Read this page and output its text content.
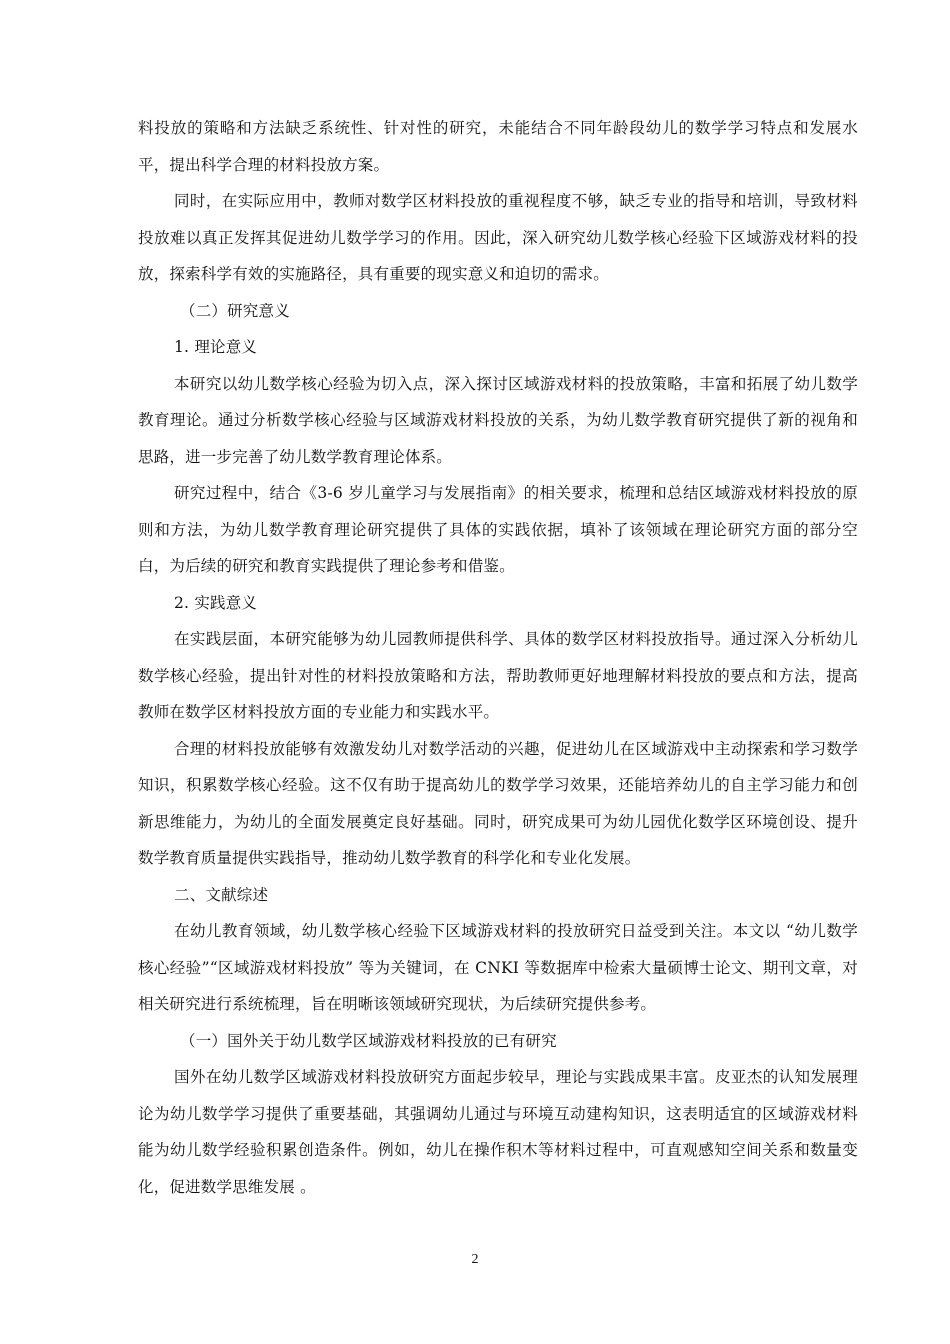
料投放的策略和方法缺乏系统性、针对性的研究，未能结合不同年龄段幼儿的数学学习特点和发展水平，提出科学合理的材料投放方案。

同时，在实际应用中，教师对数学区材料投放的重视程度不够，缺乏专业的指导和培训，导致材料投放难以真正发挥其促进幼儿数学学习的作用。因此，深入研究幼儿数学核心经验下区域游戏材料的投放，探索科学有效的实施路径，具有重要的现实意义和迫切的需求。

（二）研究意义

1. 理论意义

本研究以幼儿数学核心经验为切入点，深入探讨区域游戏材料的投放策略，丰富和拓展了幼儿数学教育理论。通过分析数学核心经验与区域游戏材料投放的关系，为幼儿数学教育研究提供了新的视角和思路，进一步完善了幼儿数学教育理论体系。

研究过程中，结合《3-6 岁儿童学习与发展指南》的相关要求，梳理和总结区域游戏材料投放的原则和方法，为幼儿数学教育理论研究提供了具体的实践依据，填补了该领域在理论研究方面的部分空白，为后续的研究和教育实践提供了理论参考和借鉴。

2. 实践意义

在实践层面，本研究能够为幼儿园教师提供科学、具体的数学区材料投放指导。通过深入分析幼儿数学核心经验，提出针对性的材料投放策略和方法，帮助教师更好地理解材料投放的要点和方法，提高教师在数学区材料投放方面的专业能力和实践水平。

合理的材料投放能够有效激发幼儿对数学活动的兴趣，促进幼儿在区域游戏中主动探索和学习数学知识，积累数学核心经验。这不仅有助于提高幼儿的数学学习效果，还能培养幼儿的自主学习能力和创新思维能力，为幼儿的全面发展奠定良好基础。同时，研究成果可为幼儿园优化数学区环境创设、提升数学教育质量提供实践指导，推动幼儿数学教育的科学化和专业化发展。

二、文献综述

在幼儿教育领域，幼儿数学核心经验下区域游戏材料的投放研究日益受到关注。本文以 “幼儿数学核心经验”“区域游戏材料投放” 等为关键词，在 CNKI 等数据库中检索大量硕博士论文、期刊文章，对相关研究进行系统梳理，旨在明晰该领域研究现状，为后续研究提供参考。

（一）国外关于幼儿数学区域游戏材料投放的已有研究

国外在幼儿数学区域游戏材料投放研究方面起步较早，理论与实践成果丰富。皮亚杰的认知发展理论为幼儿数学学习提供了重要基础，其强调幼儿通过与环境互动建构知识，这表明适宜的区域游戏材料能为幼儿数学经验积累创造条件。例如，幼儿在操作积木等材料过程中，可直观感知空间关系和数量变化，促进数学思维发展 。

2
